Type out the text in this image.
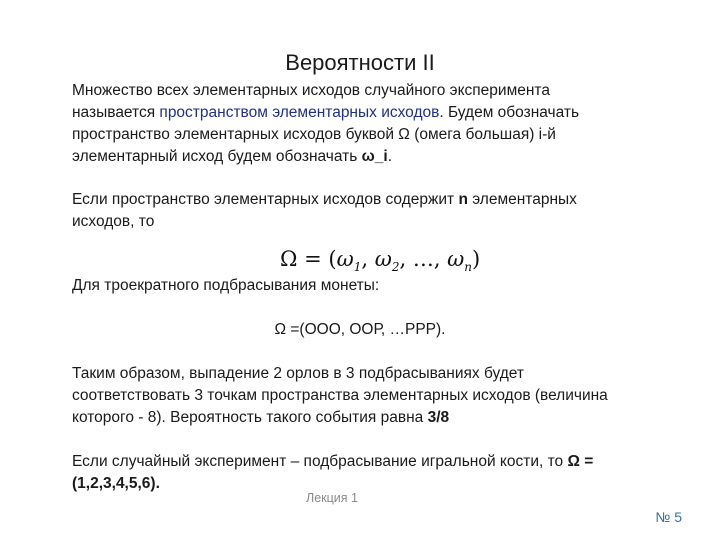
Вероятности II
Множество всех элементарных исходов случайного эксперимента называется пространством элементарных исходов. Будем обозначать пространство элементарных исходов буквой Ω (омега большая) i-й элементарный исход будем обозначать ω_i.
Если пространство элементарных исходов содержит n элементарных исходов, то
$\Omega = (\omega_1$, $\omega_2$, …, $\omega_n$)
Для троекратного подбрасывания монеты:
Ω =(ООО, ООР, …РРР).
Таким образом, выпадение 2 орлов в 3 подбрасываниях будет соответствовать 3 точкам пространства элементарных исходов (величина которого - 8). Вероятность такого события равна 3/8
Если случайный эксперимент – подбрасывание игральной кости, то Ω =(1,2,3,4,5,6).
Лекция 1
№ 5
